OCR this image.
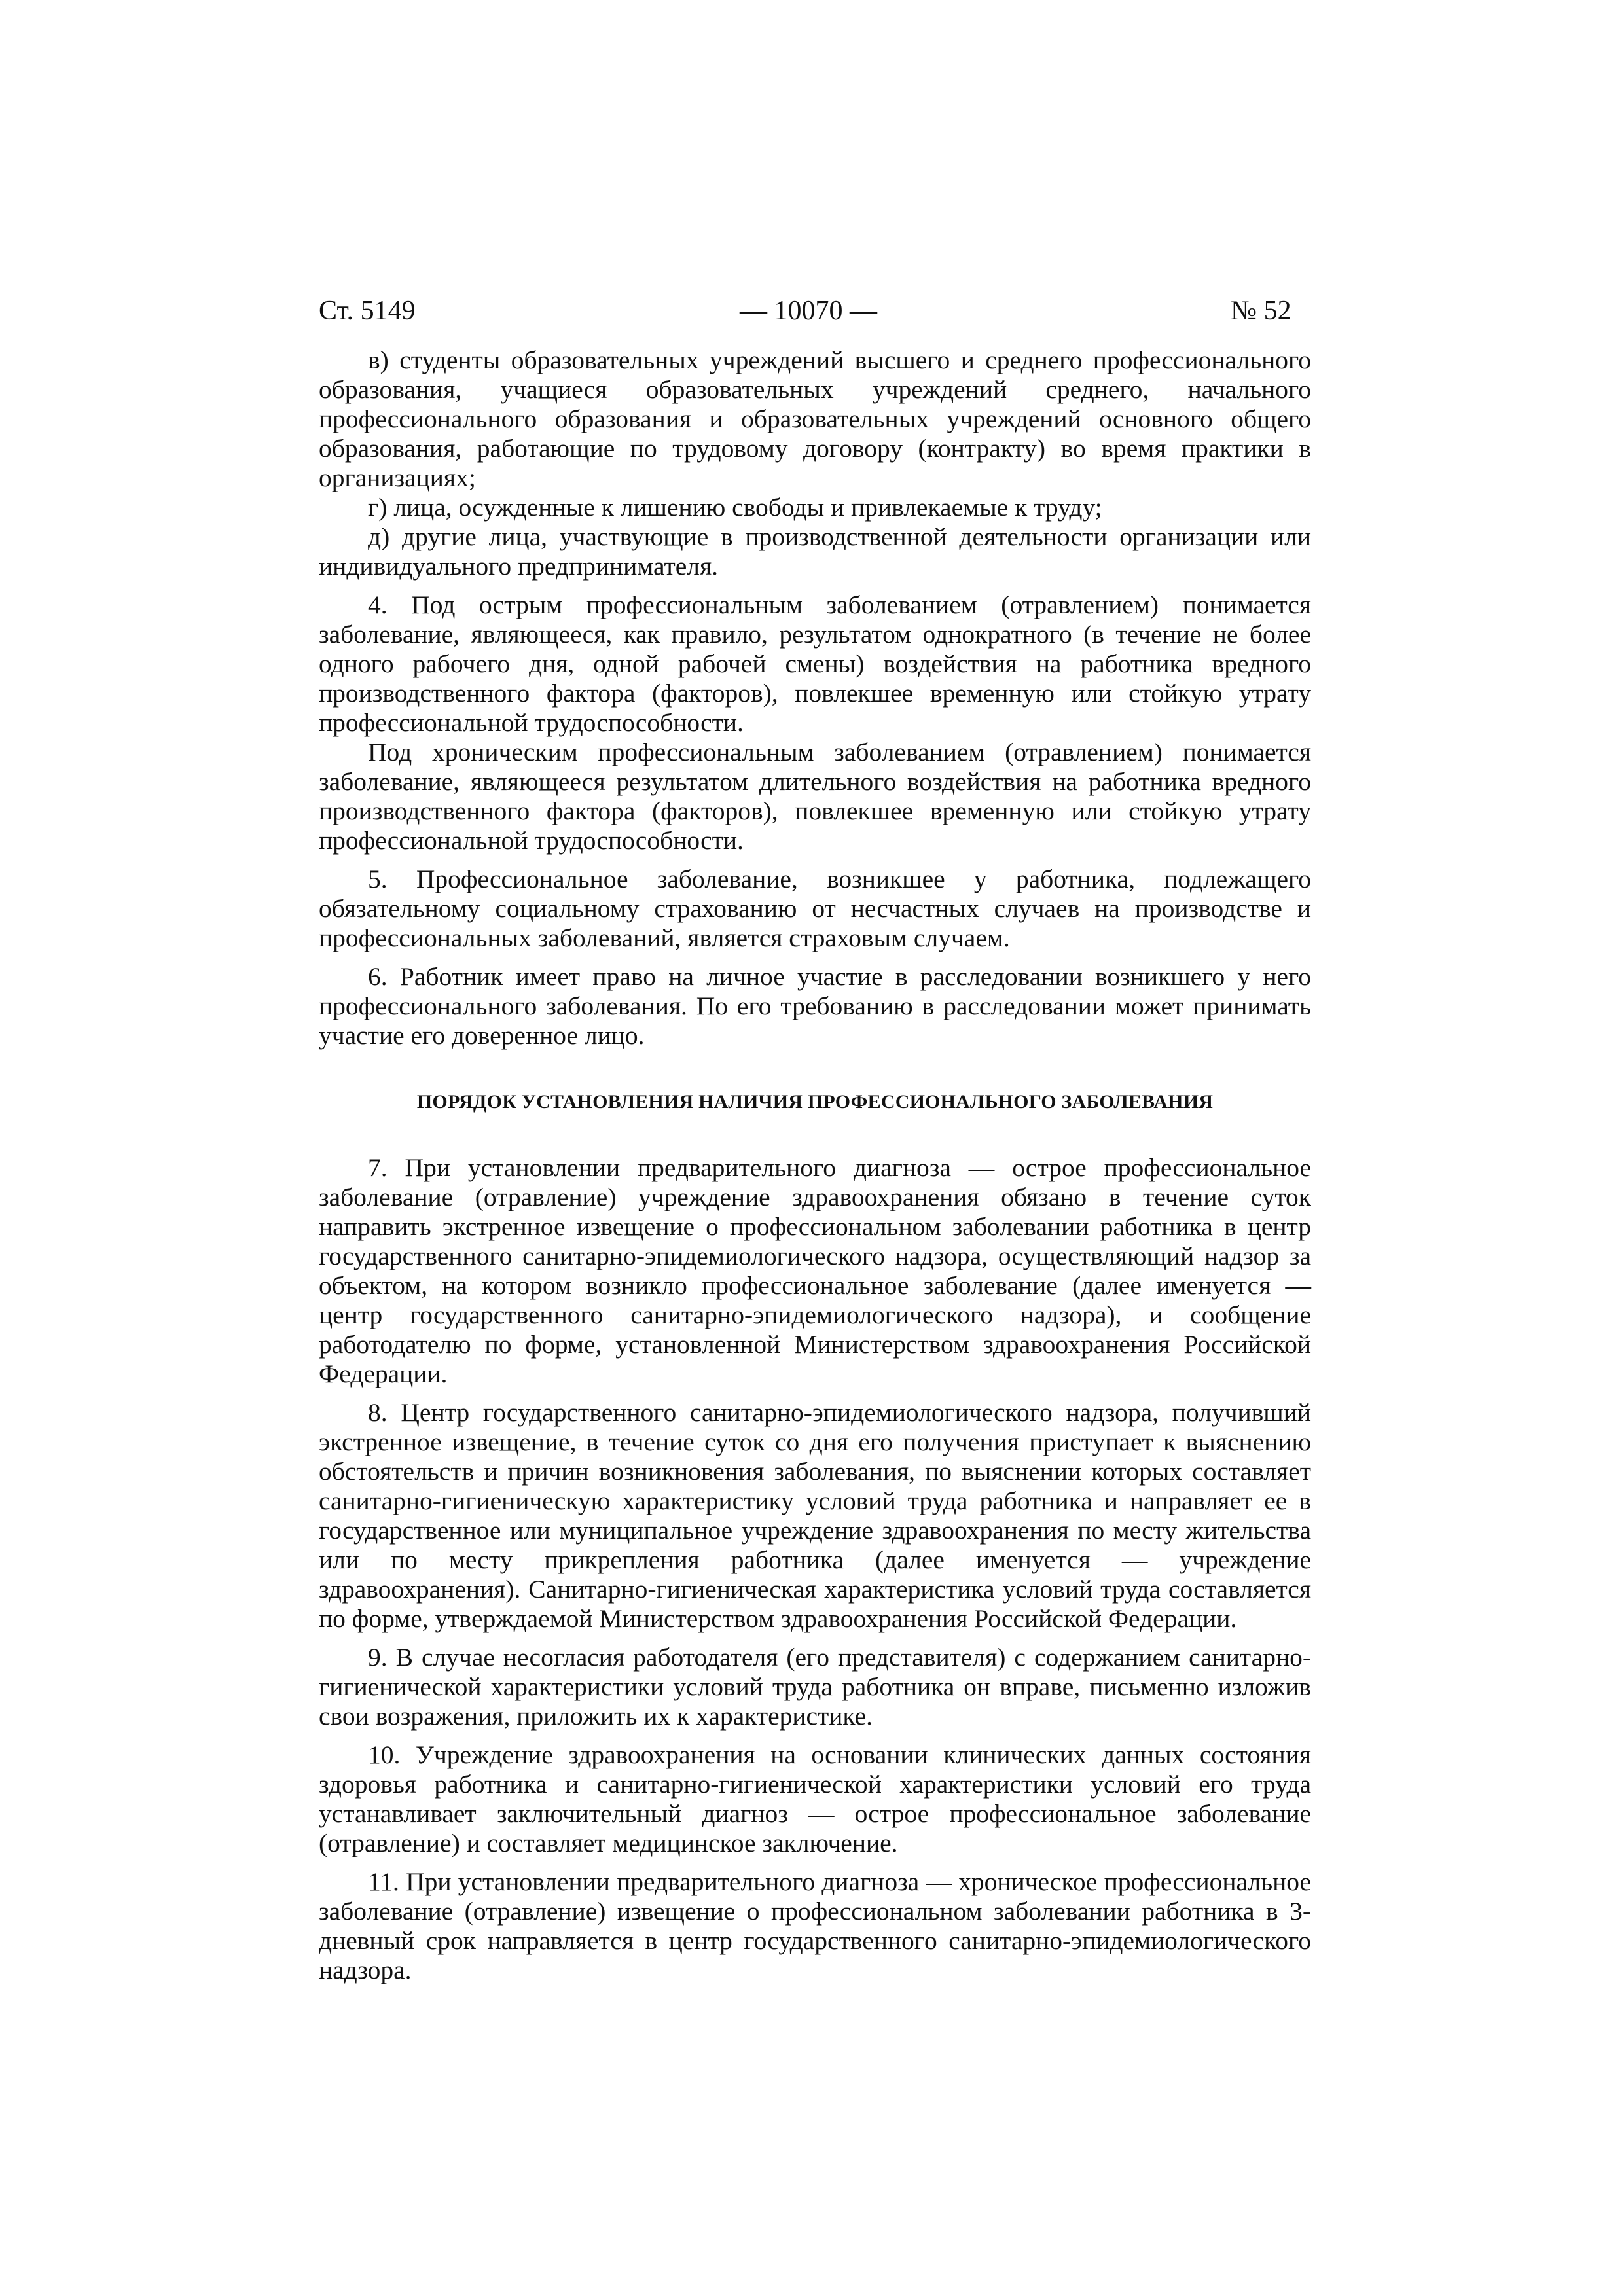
Ст. 5149	— 10070 —	№ 52

в) студенты образовательных учреждений высшего и среднего профессионального образования, учащиеся образовательных учреждений среднего, начального профессионального образования и образовательных учреждений основного общего образования, работающие по трудовому договору (контракту) во время практики в организациях;

г) лица, осужденные к лишению свободы и привлекаемые к труду;

д) другие лица, участвующие в производственной деятельности организации или индивидуального предпринимателя.

4. Под острым профессиональным заболеванием (отравлением) понимается заболевание, являющееся, как правило, результатом однократного (в течение не более одного рабочего дня, одной рабочей смены) воздействия на работника вредного производственного фактора (факторов), повлекшее временную или стойкую утрату профессиональной трудоспособности.

Под хроническим профессиональным заболеванием (отравлением) понимается заболевание, являющееся результатом длительного воздействия на работника вредного производственного фактора (факторов), повлекшее временную или стойкую утрату профессиональной трудоспособности.

5. Профессиональное заболевание, возникшее у работника, подлежащего обязательному социальному страхованию от несчастных случаев на производстве и профессиональных заболеваний, является страховым случаем.

6. Работник имеет право на личное участие в расследовании возникшего у него профессионального заболевания. По его требованию в расследовании может принимать участие его доверенное лицо.

ПОРЯДОК УСТАНОВЛЕНИЯ НАЛИЧИЯ ПРОФЕССИОНАЛЬНОГО ЗАБОЛЕВАНИЯ

7. При установлении предварительного диагноза — острое профессиональное заболевание (отравление) учреждение здравоохранения обязано в течение суток направить экстренное извещение о профессиональном заболевании работника в центр государственного санитарно-эпидемиологического надзора, осуществляющий надзор за объектом, на котором возникло профессиональное заболевание (далее именуется — центр государственного санитарно-эпидемиологического надзора), и сообщение работодателю по форме, установленной Министерством здравоохранения Российской Федерации.

8. Центр государственного санитарно-эпидемиологического надзора, получивший экстренное извещение, в течение суток со дня его получения приступает к выяснению обстоятельств и причин возникновения заболевания, по выяснении которых составляет санитарно-гигиеническую характеристику условий труда работника и направляет ее в государственное или муниципальное учреждение здравоохранения по месту жительства или по месту прикрепления работника (далее именуется — учреждение здравоохранения). Санитарно-гигиеническая характеристика условий труда составляется по форме, утверждаемой Министерством здравоохранения Российской Федерации.

9. В случае несогласия работодателя (его представителя) с содержанием санитарно-гигиенической характеристики условий труда работника он вправе, письменно изложив свои возражения, приложить их к характеристике.

10. Учреждение здравоохранения на основании клинических данных состояния здоровья работника и санитарно-гигиенической характеристики условий его труда устанавливает заключительный диагноз — острое профессиональное заболевание (отравление) и составляет медицинское заключение.

11. При установлении предварительного диагноза — хроническое профессиональное заболевание (отравление) извещение о профессиональном заболевании работника в 3-дневный срок направляется в центр государственного санитарно-эпидемиологического надзора.
